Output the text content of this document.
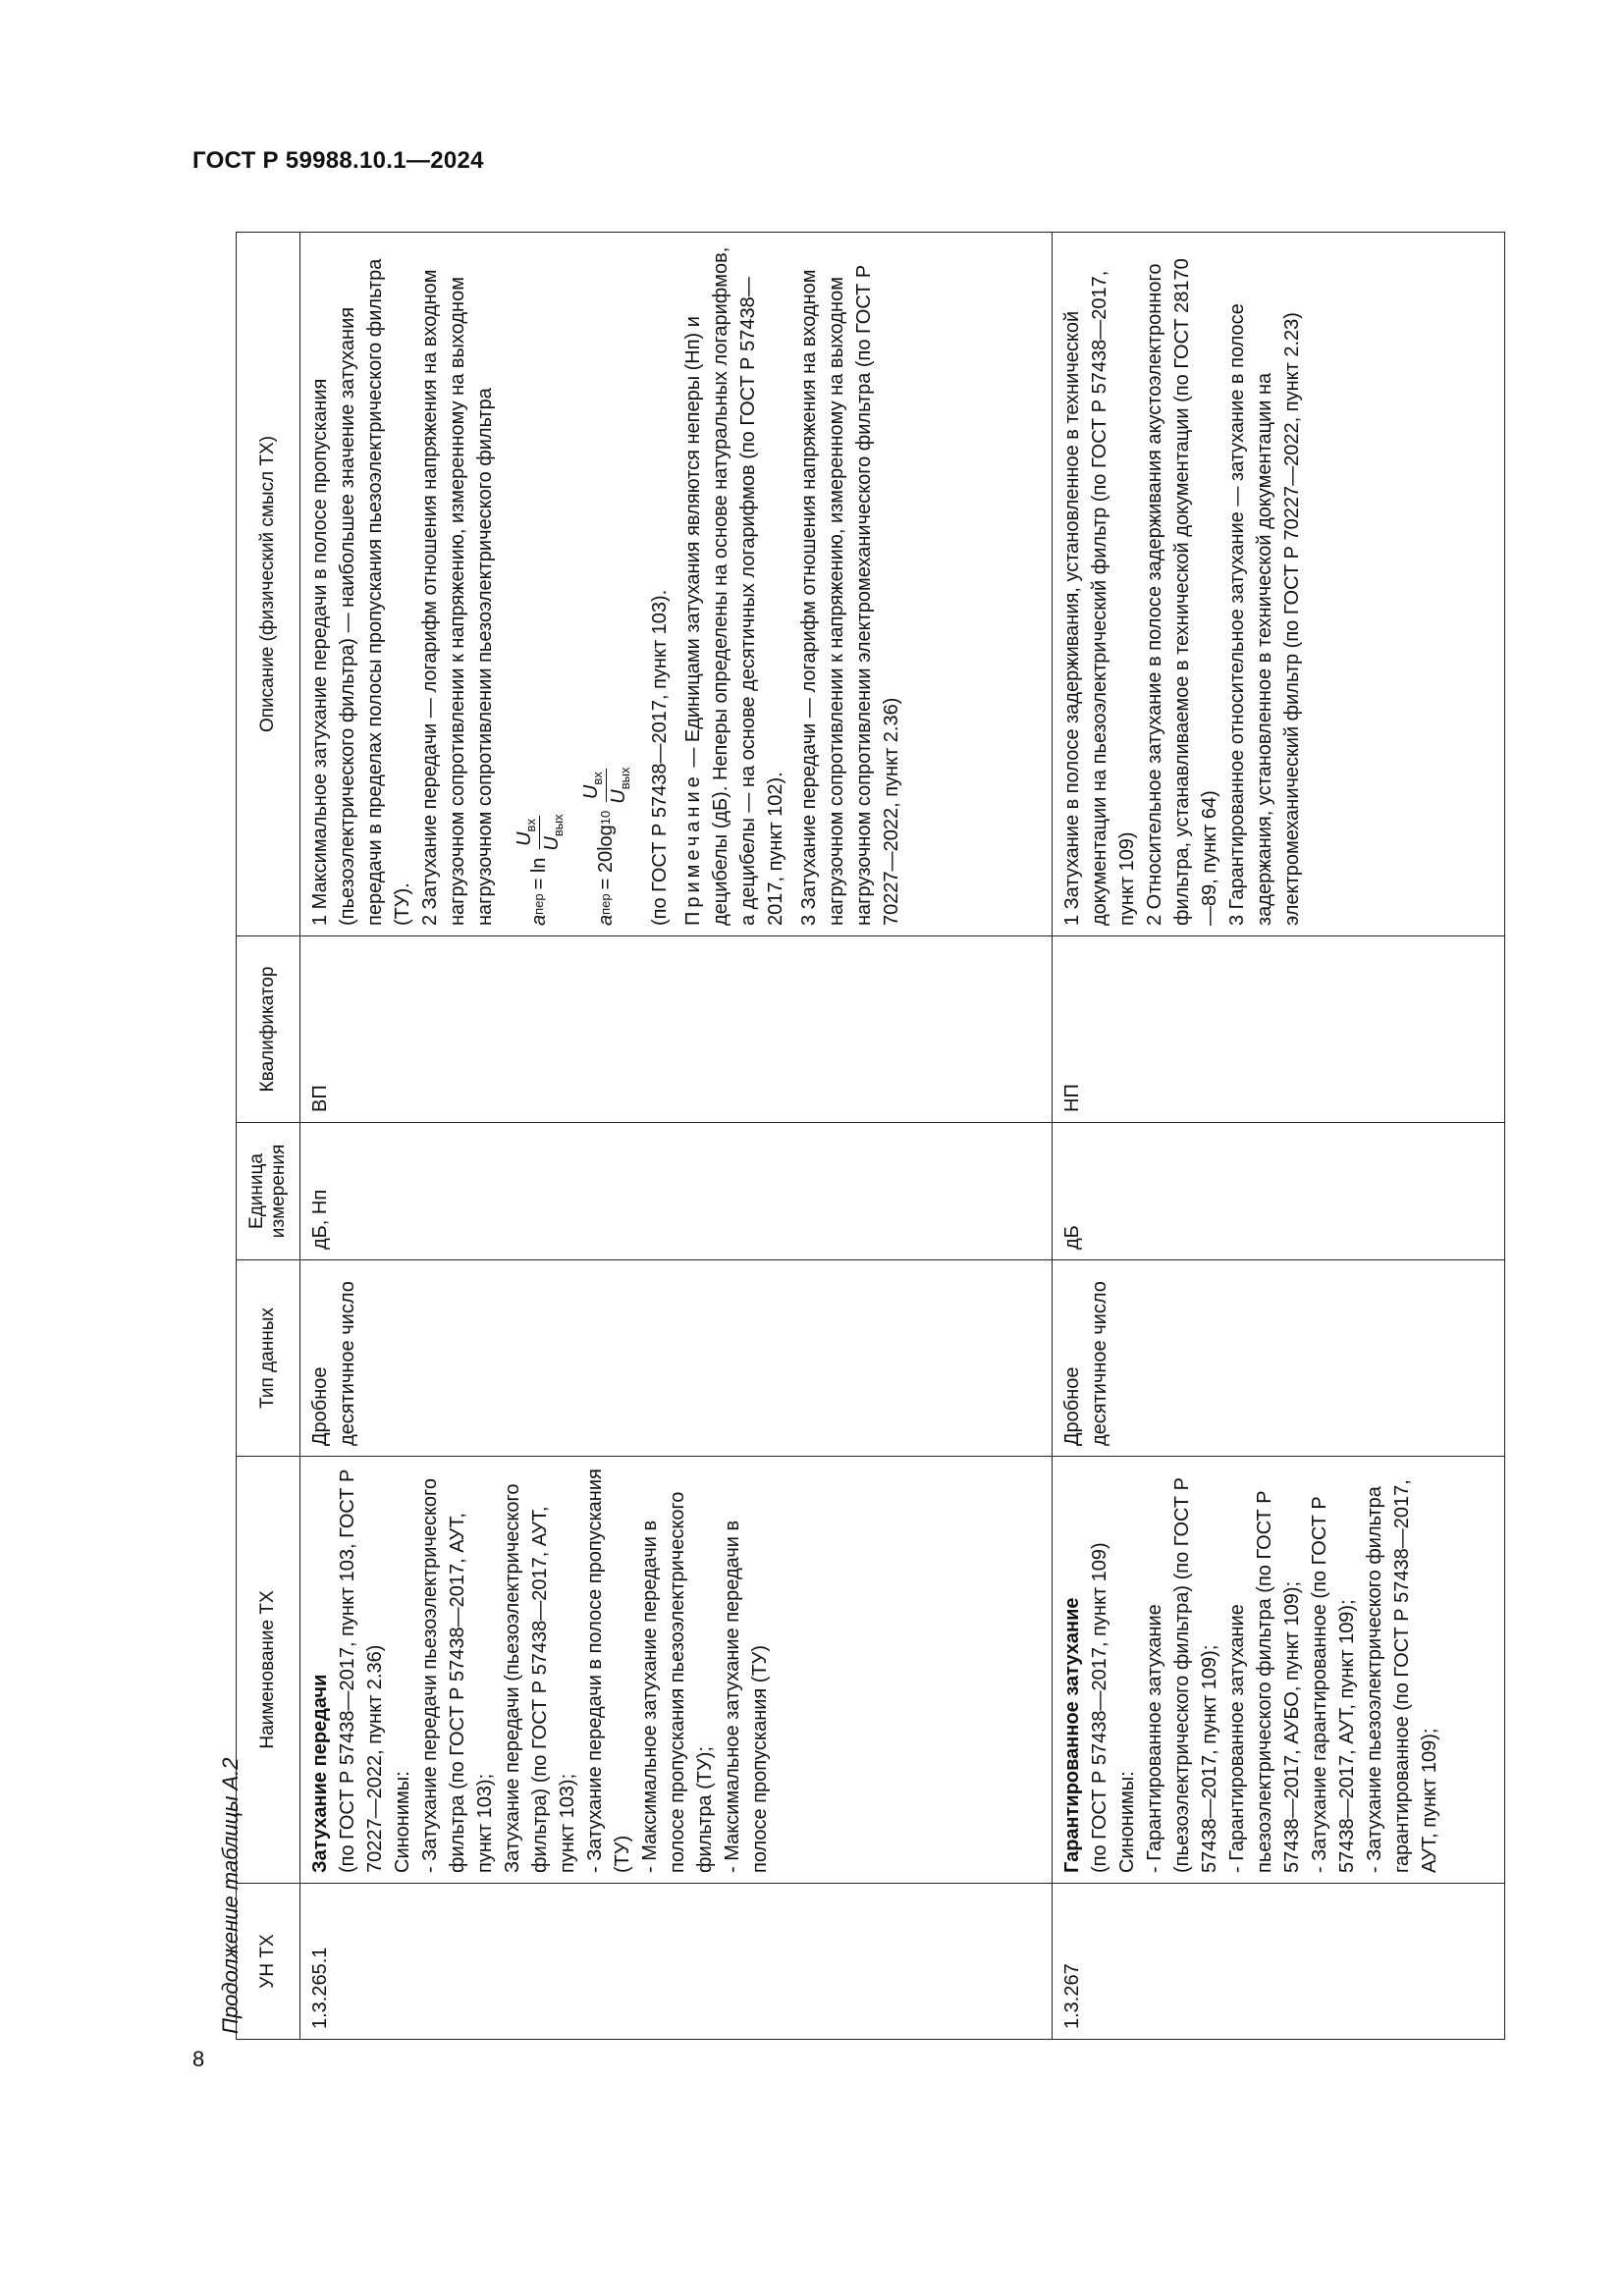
ГОСТ Р 59988.10.1—2024
8
Продолжение таблицы А.2 УН ТХ
Наименование ТХ
Тип данных
Единица измерения
Квалификатор
Описание (физический смысл ТХ)
1.3.265.1

Затухание передачи (по ГОСТ Р 57438—2017, пункт 103, ГОСТ Р 70227—2022, пункт 2.36) Синонимы: - Затухание передачи пьезоэлектрического фильтра (по ГОСТ Р 57438—2017, АУТ, пункт 103); Затухание передачи (пьезоэлектрического фильтра) (по ГОСТ Р 57438—2017, АУТ, пункт 103); - Затухание передачи в полосе пропускания (ТУ) - Максимальное затухание передачи в полосе пропускания пьезоэлектрического фильтра (ТУ); - Максимальное затухание передачи в полосе пропускания (ТУ)

Дробное десятичное число
дБ, Нп
ВП

1 Максимальное затухание передачи в полосе пропускания (пьезоэлектрического фильтра) — наибольшее значение затухания передачи в пределах полосы пропускания пьезоэлектрического фильтра (ТУ). 2 Затухание передачи — логарифм отношения напряжения на входном нагрузочном сопротивлении к напряжению, измеренному на выходном нагрузочном сопротивлении пьезоэлектрического фильтра a
пер
= ln
$U_{вх}$
$U_{вых}$
a
пер
= 20log
10
$U_{вх}$
$U_{вых}$ (по ГОСТ Р 57438—2017, пункт 103). Примечание — Единицами затухания являются неперы (Нп) и децибелы (дБ). Неперы определены на основе натуральных логарифмов, а децибелы — на основе десятичных логарифмов (по ГОСТ Р 57438—2017, пункт 102). 3 Затухание передачи — логарифм отношения напряжения на входном нагрузочном сопротивлении к напряжению, измеренному на выходном нагрузочном сопротивлении электромеханического фильтра (по ГОСТ Р 70227—2022, пункт 2.36)

1.3.267

Гарантированное затухание (по ГОСТ Р 57438—2017, пункт 109) Синонимы: - Гарантированное затухание (пьезоэлектрического фильтра) (по ГОСТ Р 57438—2017, пункт 109); - Гарантированное затухание пьезоэлектрического фильтра (по ГОСТ Р 57438—2017, АУБО, пункт 109); - Затухание гарантированное (по ГОСТ Р 57438—2017, АУТ, пункт 109); - Затухание пьезоэлектрического фильтра гарантированное (по ГОСТ Р 57438—2017, АУТ, пункт 109);

Дробное десятичное число
дБ
НП

1 Затухание в полосе задерживания, установленное в технической документации на пьезоэлектрический фильтр (по ГОСТ Р 57438—2017, пункт 109) 2 Относительное затухание в полосе задерживания акустоэлектронного фильтра, устанавливаемое в технической документации (по ГОСТ 28170—89, пункт 64) 3 Гарантированное относительное затухание — затухание в полосе задержания, установленное в технической документации на электромеханический фильтр (по ГОСТ Р 70227—2022, пункт 2.23)
